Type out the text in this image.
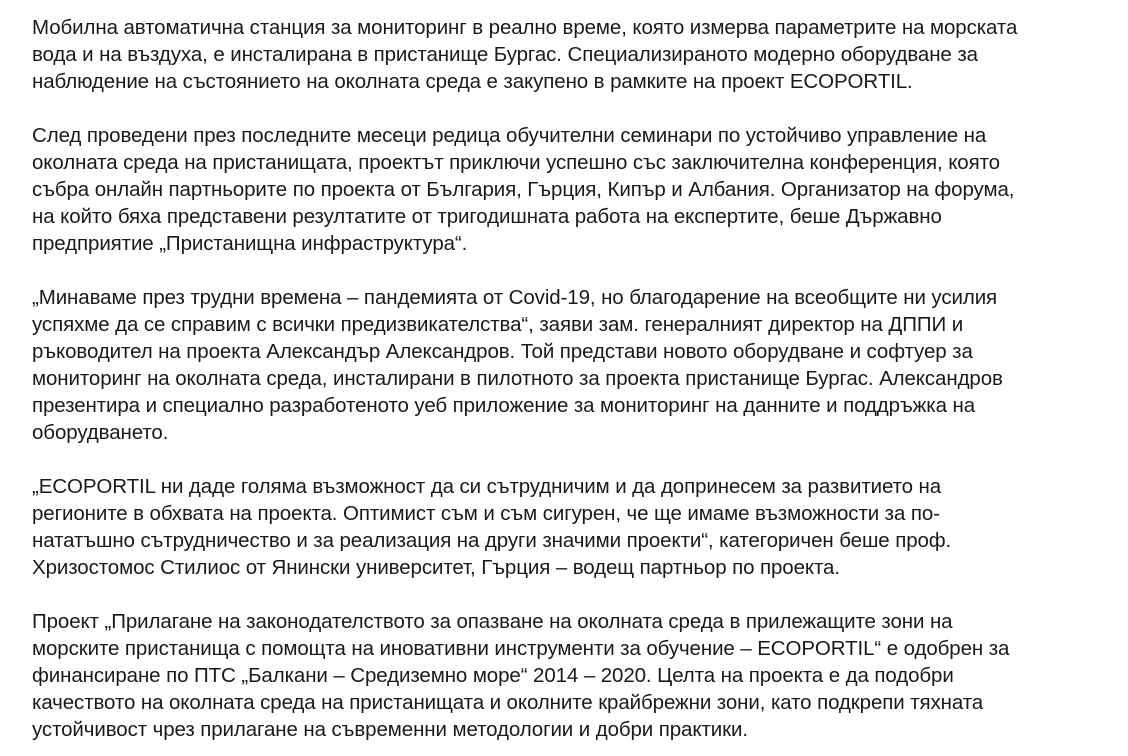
Мобилна автоматична станция за мониторинг в реално време, която измерва параметрите на морската
вода и на въздуха, е инсталирана в пристанище Бургас. Специализираното модерно оборудване за
наблюдение на състоянието на околната среда е закупено в рамките на проект ECOPORTIL.

След проведени през последните месеци редица обучителни семинари по устойчиво управление на
околната среда на пристанищата, проектът приключи успешно със заключителна конференция, която
събра онлайн партньорите по проекта от България, Гърция, Кипър и Албания. Организатор на форума,
на който бяха представени резултатите от тригодишната работа на експертите, беше Държавно
предприятие „Пристанищна инфраструктура“.

„Минаваме през трудни времена – пандемията от Covid-19, но благодарение на всеобщите ни усилия
успяхме да се справим с всички предизвикателства“, заяви зам. генералният директор на ДППИ и
ръководител на проекта Александър Александров. Той представи новото оборудване и софтуер за
мониторинг на околната среда, инсталирани в пилотното за проекта пристанище Бургас. Александров
презентира и специално разработеното уеб приложение за мониторинг на данните и поддръжка на
оборудването.

„ECOPORTIL ни даде голяма възможност да си сътрудничим и да допринесем за развитието на
регионите в обхвата на проекта. Оптимист съм и съм сигурен, че ще имаме възможности за по-
нататъшно сътрудничество и за реализация на други значими проекти“, категоричен беше проф.
Хризостомос Стилиос от Янински университет, Гърция – водещ партньор по проекта.

Проект „Прилагане на законодателството за опазване на околната среда в прилежащите зони на
морските пристанища с помощта на иновативни инструменти за обучение – ECOPORTIL“ е одобрен за
финансиране по ПТС „Балкани – Средиземно море“ 2014 – 2020. Целта на проекта е да подобри
качеството на околната среда на пристанищата и околните крайбрежни зони, като подкрепи тяхната
устойчивост чрез прилагане на съвременни методологии и добри практики.
